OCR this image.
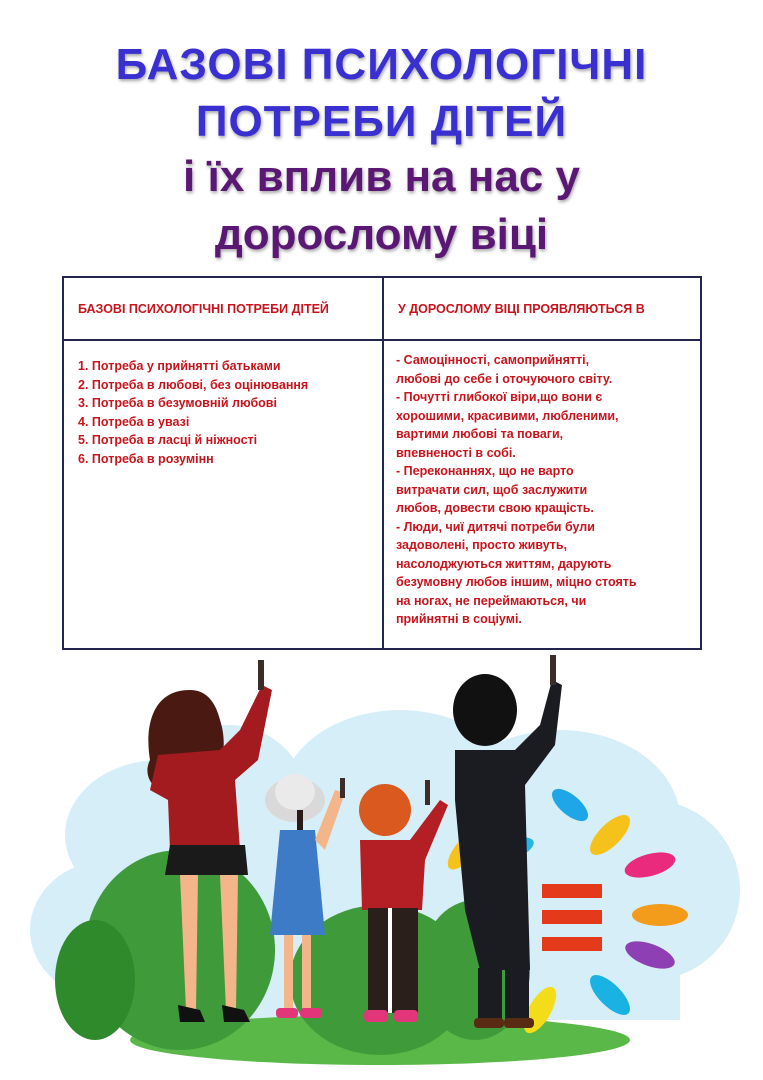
БАЗОВІ ПСИХОЛОГІЧНІ
ПОТРЕБИ ДІТЕЙ
і їх вплив на нас у
дорослому віці
БАЗОВІ ПСИХОЛОГІЧНІ ПОТРЕБИ ДІТЕЙ	У ДОРОСЛОМУ ВІЦІ ПРОЯВЛЯЮТЬСЯ В
1. Потреба у прийнятті батьками
2. Потреба в любові, без оцінювання
3. Потреба в безумовній любові
4. Потреба в увазі
5. Потреба в ласці й ніжності
6. Потреба в розумінн
- Самоцінності, самоприйнятті,
любові до себе і оточуючого світу.
- Почутті глибокої віри,що вони є
хорошими, красивими, любленими,
вартими любові та поваги,
впевненості в собі.
- Переконаннях, що не варто
витрачати сил, щоб заслужити
любов, довести свою кращість.
- Люди, чиї дитячі потреби були
задоволені, просто живуть,
насолоджуються життям, дарують
безумовну любов іншим, міцно стоять
на ногах, не переймаються, чи
прийнятні в соціумі.
